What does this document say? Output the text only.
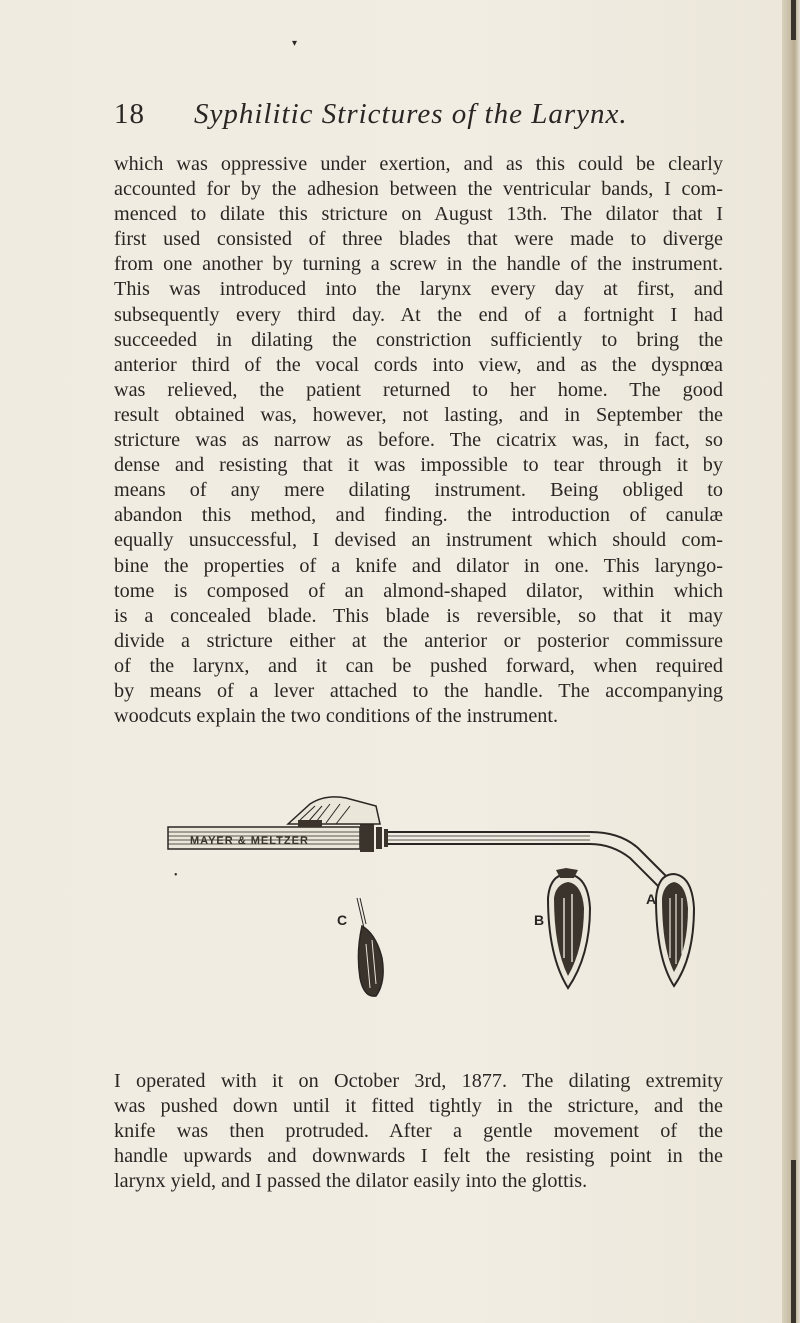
▾
18 Syphilitic Strictures of the Larynx.
which was oppressive under exertion, and as this could be clearly
accounted for by the adhesion between the ventricular bands, I com-
menced to dilate this stricture on August 13th. The dilator that I
first used consisted of three blades that were made to diverge
from one another by turning a screw in the handle of the instrument.
This was introduced into the larynx every day at first, and
subsequently every third day. At the end of a fortnight I had
succeeded in dilating the constriction sufficiently to bring the
anterior third of the vocal cords into view, and as the dyspnœa
was relieved, the patient returned to her home. The good
result obtained was, however, not lasting, and in September the
stricture was as narrow as before. The cicatrix was, in fact, so
dense and resisting that it was impossible to tear through it by
means of any mere dilating instrument. Being obliged to
abandon this method, and finding. the introduction of canulæ
equally unsuccessful, I devised an instrument which should com-
bine the properties of a knife and dilator in one. This laryngo-
tome is composed of an almond-shaped dilator, within which
is a concealed blade. This blade is reversible, so that it may
divide a stricture either at the anterior or posterior commissure
of the larynx, and it can be pushed forward, when required
by means of a lever attached to the handle. The accompanying
woodcuts explain the two conditions of the instrument.
MAYER & MELTZER
C	B
A
•
I operated with it on October 3rd, 1877. The dilating extremity
was pushed down until it fitted tightly in the stricture, and the
knife was then protruded. After a gentle movement of the
handle upwards and downwards I felt the resisting point in the
larynx yield, and I passed the dilator easily into the glottis.
